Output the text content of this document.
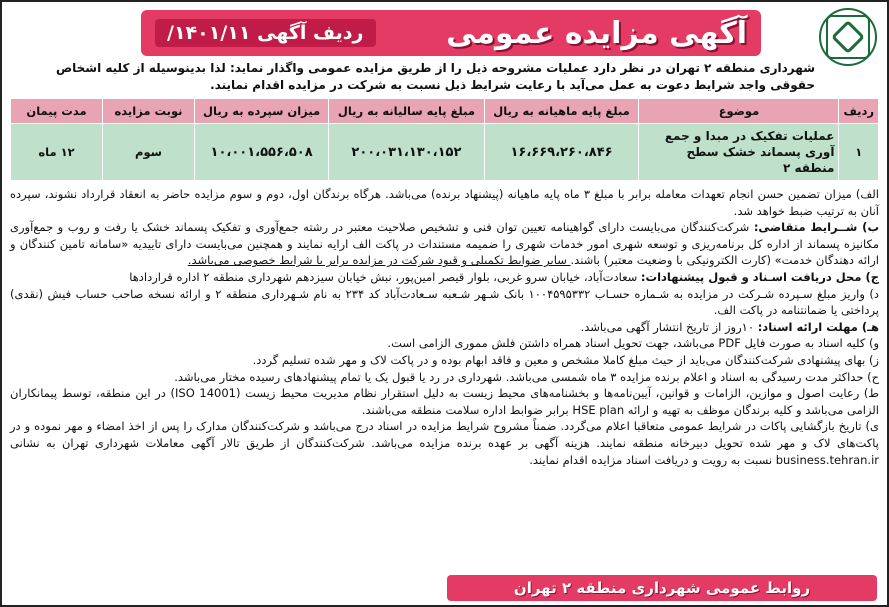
آگهی مزایده عمومی
ردیف آگهی ۱۴۰۱/۱۱/

شهرداری منطقه ۲ تهران در نظر دارد عملیات مشروحه ذیل را از طریق مزایده عمومی واگذار نماید: لذا بدینوسیله از کلیه اشخاص حقوقی واجد شرایط دعوت به عمل می‌آید با رعایت شرایط ذیل نسبت به شرکت در مزایده اقدام نمایند.

ردیف	موضوع	مبلغ پایه ماهیانه به ریال	مبلغ پایه سالیانه به ریال	میزان سپرده به ریال	نوبت مزایده	مدت پیمان
۱	عملیات تفکیک در مبدا و جمع آوری پسماند خشک سطح منطقه ۲	۱۶،۶۶۹،۲۶۰،۸۴۶	۲۰۰،۰۳۱،۱۳۰،۱۵۲	۱۰،۰۰۱،۵۵۶،۵۰۸	سوم	۱۲ ماه

الف) میزان تضمین حسن انجام تعهدات معامله برابر با مبلغ ۳ ماه پایه ماهیانه (پیشنهاد برنده) می‌باشد. هرگاه برندگان اول، دوم و سوم مزایده حاضر به انعقاد قرارداد نشوند، سپرده آنان به ترتیب ضبط خواهد شد.

ب) شــرایط متقاضی: شرکت‌کنندگان می‌بایست دارای گواهینامه تعیین توان فنی و تشخیص صلاحیت معتبر در رشته جمع‌آوری و تفکیک پسماند خشک یا رفت و روب و جمع‌آوری مکانیزه پسماند از اداره کل برنامه‌ریزی و توسعه شهری امور خدمات شهری را ضمیمه مستندات در پاکت الف ارایه نمایند و همچنین می‌بایست دارای تاییدیه «سامانه تامین کنندگان و ارائه دهندگان خدمت» (کارت الکترونیکی با وضعیت معتبر) باشند. سایر ضوابط تکمیلی و قیود شرکت در مزایده برابر با شرایط خصوصی می‌باشد.

ج) محل دریافت اسـناد و قبول پیشنهادات: سعادت‌آباد، خیابان سرو غربی، بلوار قیصر امین‌پور، نبش خیابان سیزدهم شهرداری منطقه ۲ اداره قراردادها

د) واریز مبلغ سـپرده شـرکت در مزایده به شـماره حسـاب ۱۰۰۴۵۹۵۳۳۲ بانک شـهر شـعبه سـعادت‌آباد کد ۲۳۴ به نام شـهرداری منطقه ۲ و ارائه نسخه صاحب حساب فیش (نقدی) پرداختی یا ضمانتنامه در پاکت الف.

هـ) مهلت ارائه اسناد: ۱۰روز از تاریخ انتشار آگهی می‌باشد.

و) کلیه اسناد به صورت فایل PDF می‌باشد، جهت تحویل اسناد همراه داشتن فلش مموری الزامی است.

ز) بهای پیشنهادی شرکت‌کنندگان می‌باید از حیث مبلغ کاملا مشخص و معین و فاقد ابهام بوده و در پاکت لاک و مهر شده تسلیم گردد.

ح) حداکثر مدت رسیدگی به اسناد و اعلام برنده مزایده ۳ ماه شمسی می‌باشد. شهرداری در رد یا قبول یک یا تمام پیشنهادهای رسیده مختار می‌باشد.

ط) رعایت اصول و موازین، الزامات و قوانین، آیین‌نامه‌ها و بخشنامه‌های محیط زیست به دلیل استقرار نظام مدیریت محیط زیست (ISO 14001) در این منطقه، توسط پیمانکاران الزامی می‌باشد و کلیه برندگان موظف به تهیه و ارائه HSE plan برابر ضوابط اداره سلامت منطقه می‌باشند.

ی) تاریخ بازگشایی پاکات در شرایط عمومی متعاقبا اعلام می‌گردد. ضمناً مشروح شرایط مزایده در اسناد درج می‌باشد و شرکت‌کنندگان مدارک را پس از اخذ امضاء و مهر نموده و در پاکت‌های لاک و مهر شده تحویل دبیرخانه منطقه نمایند. هزینه آگهی بر عهده برنده مزایده می‌باشد. شرکت‌کنندگان از طریق تالار آگهی معاملات شهرداری تهران به نشانی business.tehran.ir نسبت به رویت و دریافت اسناد مزایده اقدام نمایند.

روابط عمومی شهرداری منطقه ۲ تهران
